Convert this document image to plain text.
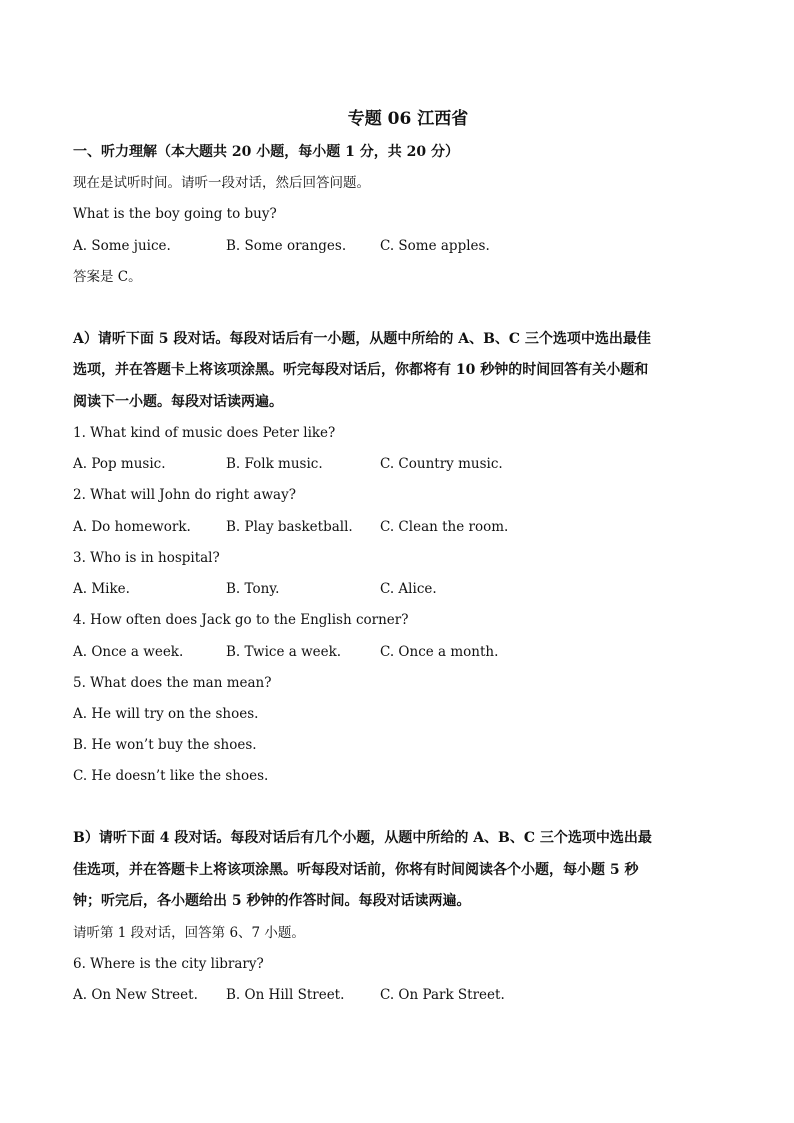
专题 06 江西省
一、听力理解（本大题共 20 小题，每小题 1 分，共 20 分）
现在是试听时间。请听一段对话，然后回答问题。
What is the boy going to buy?
A. Some juice.	B. Some oranges.	C. Some apples.
答案是 C。
A）请听下面 5 段对话。每段对话后有一小题，从题中所给的 A、B、C 三个选项中选出最佳
选项，并在答题卡上将该项涂黑。听完每段对话后，你都将有 10 秒钟的时间回答有关小题和
阅读下一小题。每段对话读两遍。
1. What kind of music does Peter like?
A. Pop music.	B. Folk music.	C. Country music.
2. What will John do right away?
A. Do homework.	B. Play basketball. C. Clean the room.
3. Who is in hospital?
A. Mike.	B. Tony.	C. Alice.
4. How often does Jack go to the English corner?
A. Once a week.	B. Twice a week.	C. Once a month.
5. What does the man mean?
A. He will try on the shoes.
B. He won’t buy the shoes.
C. He doesn’t like the shoes.
B）请听下面 4 段对话。每段对话后有几个小题，从题中所给的 A、B、C 三个选项中选出最
佳选项，并在答题卡上将该项涂黑。听每段对话前，你将有时间阅读各个小题，每小题 5 秒
钟；听完后，各小题给出 5 秒钟的作答时间。每段对话读两遍。
请听第 1 段对话，回答第 6、7 小题。
6. Where is the city library?
A. On New Street. B. On Hill Street.	C. On Park Street.
